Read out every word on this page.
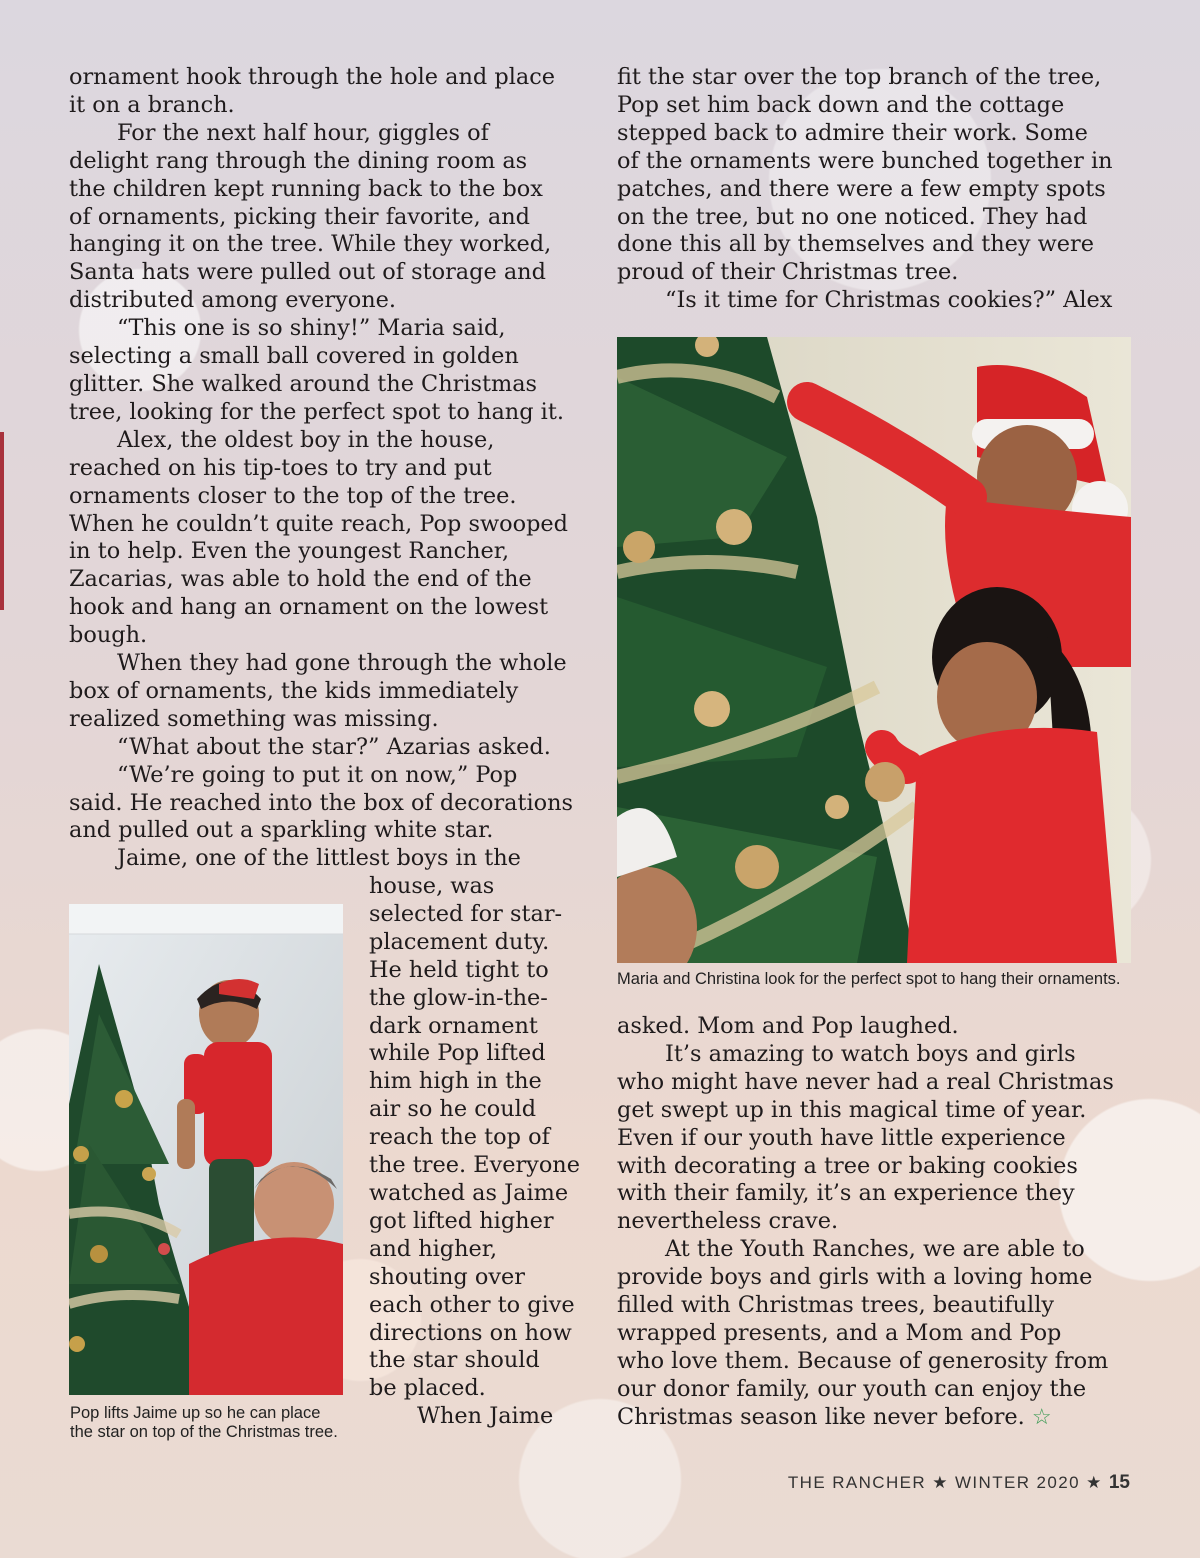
ornament hook through the hole and place

it on a branch.

For the next half hour, giggles of

delight rang through the dining room as

the children kept running back to the box

of ornaments, picking their favorite, and

hanging it on the tree. While they worked,

Santa hats were pulled out of storage and

distributed among everyone.

“This one is so shiny!” Maria said,

selecting a small ball covered in golden

glitter. She walked around the Christmas

tree, looking for the perfect spot to hang it.

Alex, the oldest boy in the house,

reached on his tip-toes to try and put

ornaments closer to the top of the tree.

When he couldn’t quite reach, Pop swooped

in to help. Even the youngest Rancher,

Zacarias, was able to hold the end of the

hook and hang an ornament on the lowest

bough.

When they had gone through the whole

box of ornaments, the kids immediately

realized something was missing.

“What about the star?” Azarias asked.

“We’re going to put it on now,” Pop

said. He reached into the box of decorations

and pulled out a sparkling white star.

Jaime, one of the littlest boys in the

Pop lifts Jaime up so he can place
the star on top of the Christmas tree.

house, was

selected for star-

placement duty.

He held tight to

the glow-in-the-

dark ornament

while Pop lifted

him high in the

air so he could

reach the top of

the tree. Everyone

watched as Jaime

got lifted higher

and higher,

shouting over

each other to give

directions on how

the star should

be placed.

When Jaime

fit the star over the top branch of the tree,

Pop set him back down and the cottage

stepped back to admire their work. Some

of the ornaments were bunched together in

patches, and there were a few empty spots

on the tree, but no one noticed. They had

done this all by themselves and they were

proud of their Christmas tree.

“Is it time for Christmas cookies?” Alex

Maria and Christina look for the perfect spot to hang their ornaments.

asked. Mom and Pop laughed.

It’s amazing to watch boys and girls

who might have never had a real Christmas

get swept up in this magical time of year.

Even if our youth have little experience

with decorating a tree or baking cookies

with their family, it’s an experience they

nevertheless crave.

At the Youth Ranches, we are able to

provide boys and girls with a loving home

filled with Christmas trees, beautifully

wrapped presents, and a Mom and Pop

who love them. Because of generosity from

our donor family, our youth can enjoy the

Christmas season like never before. ☆
THE RANCHER ★ WINTER 2020 ★ 15
